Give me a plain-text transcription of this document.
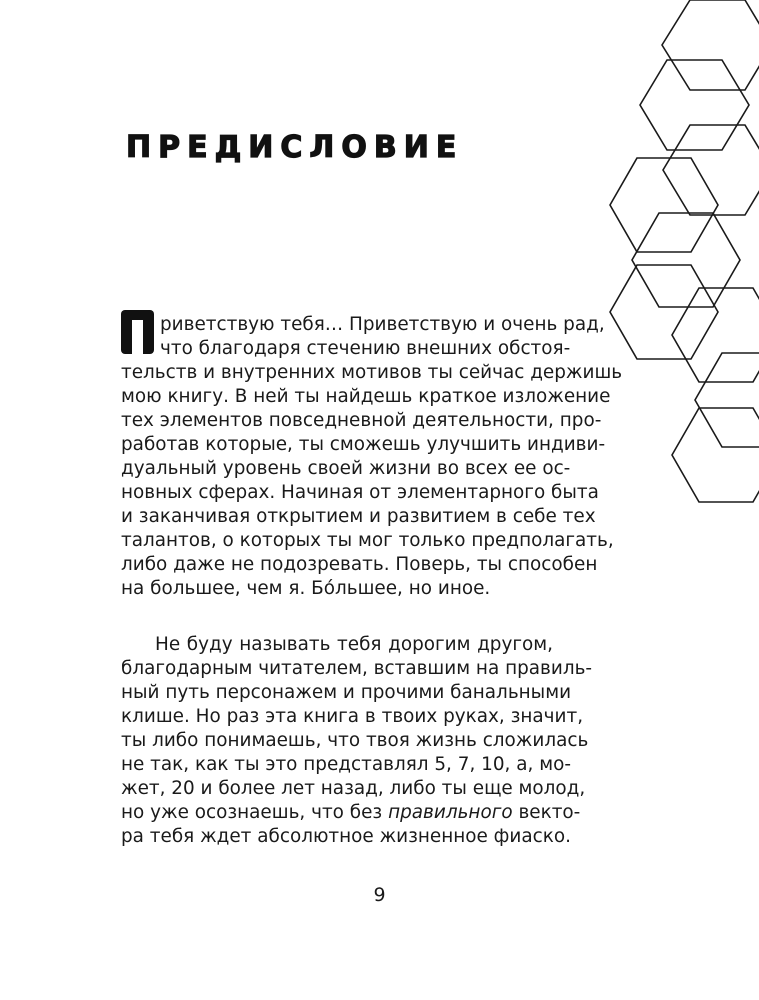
ПРЕДИСЛОВИЕ

риветствую тебя… Приветствую и очень рад,

что благодаря стечению внешних обстоя-

тельств и внутренних мотивов ты сейчас держишь

мою книгу. В ней ты найдешь краткое изложение

тех элементов повседневной деятельности, про-

работав которые, ты сможешь улучшить индиви-

дуальный уровень своей жизни во всех ее ос-

новных сферах. Начиная от элементарного быта

и заканчивая открытием и развитием в себе тех

талантов, о которых ты мог только предполагать,

либо даже не подозревать. Поверь, ты способен

на большее, чем я. Бóльшее, но иное.

Не буду называть тебя дорогим другом,

благодарным читателем, вставшим на правиль-

ный путь персонажем и прочими банальными

клише. Но раз эта книга в твоих руках, значит,

ты либо понимаешь, что твоя жизнь сложилась

не так, как ты это представлял 5, 7, 10, а, мо-

жет, 20 и более лет назад, либо ты еще молод,

но уже осознаешь, что без правильного векто-

ра тебя ждет абсолютное жизненное фиаско.

9
